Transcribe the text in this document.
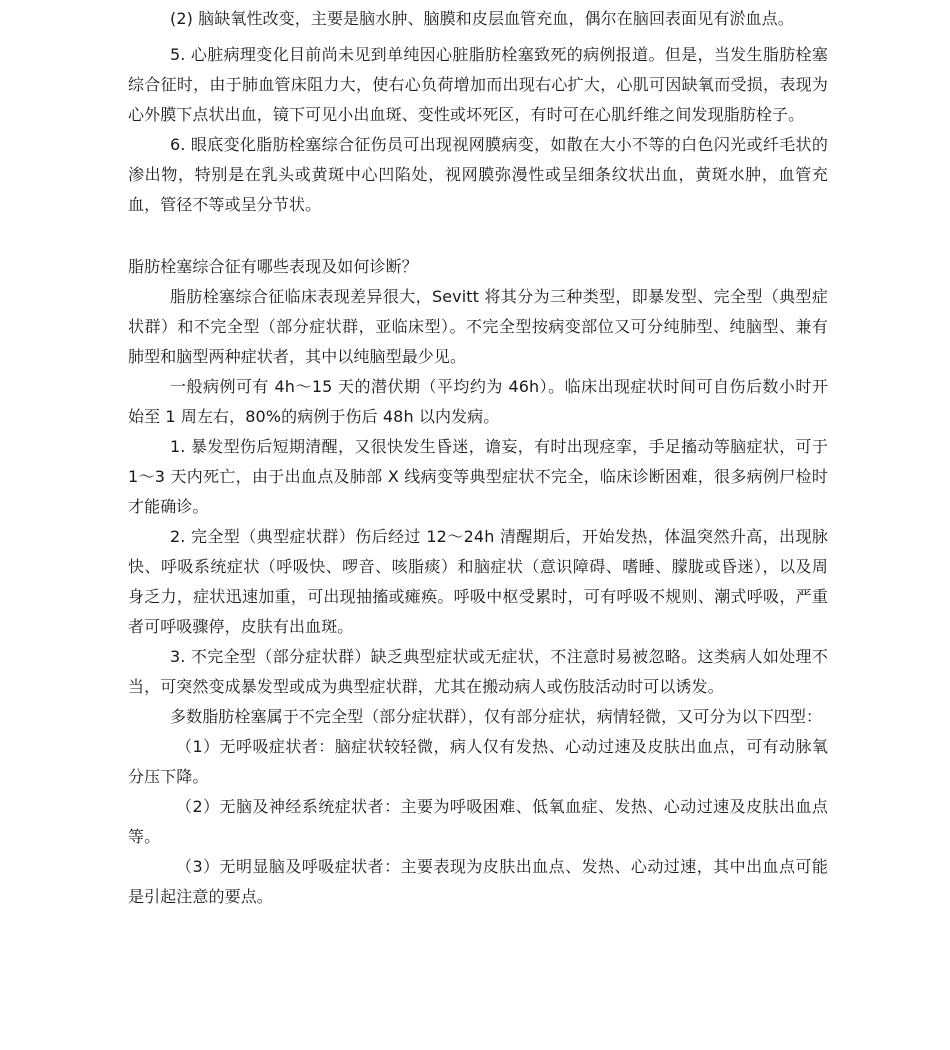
(2) 脑缺氧性改变，主要是脑水肿、脑膜和皮层血管充血，偶尔在脑回表面见有淤血点。

5. 心脏病理变化目前尚未见到单纯因心脏脂肪栓塞致死的病例报道。但是，当发生脂肪栓塞综合征时，由于肺血管床阻力大，使右心负荷增加而出现右心扩大，心肌可因缺氧而受损，表现为心外膜下点状出血，镜下可见小出血斑、变性或坏死区，有时可在心肌纤维之间发现脂肪栓子。

6. 眼底变化脂肪栓塞综合征伤员可出现视网膜病变，如散在大小不等的白色闪光或纤毛状的渗出物，特别是在乳头或黄斑中心凹陷处，视网膜弥漫性或呈细条纹状出血，黄斑水肿，血管充血，管径不等或呈分节状。

脂肪栓塞综合征有哪些表现及如何诊断？

脂肪栓塞综合征临床表现差异很大，Sevitt 将其分为三种类型，即暴发型、完全型（典型症状群）和不完全型（部分症状群，亚临床型）。不完全型按病变部位又可分纯肺型、纯脑型、兼有肺型和脑型两种症状者，其中以纯脑型最少见。

一般病例可有 4h～15 天的潜伏期（平均约为 46h）。临床出现症状时间可自伤后数小时开始至 1 周左右，80%的病例于伤后 48h 以内发病。

1. 暴发型伤后短期清醒，又很快发生昏迷，谵妄，有时出现痉挛，手足搐动等脑症状，可于 1～3 天内死亡，由于出血点及肺部 X 线病变等典型症状不完全，临床诊断困难，很多病例尸检时才能确诊。

2. 完全型（典型症状群）伤后经过 12～24h 清醒期后，开始发热，体温突然升高，出现脉快、呼吸系统症状（呼吸快、啰音、咳脂痰）和脑症状（意识障碍、嗜睡、朦胧或昏迷），以及周身乏力，症状迅速加重，可出现抽搐或瘫痪。呼吸中枢受累时，可有呼吸不规则、潮式呼吸，严重者可呼吸骤停，皮肤有出血斑。

3. 不完全型（部分症状群）缺乏典型症状或无症状，不注意时易被忽略。这类病人如处理不当，可突然变成暴发型或成为典型症状群，尤其在搬动病人或伤肢活动时可以诱发。

多数脂肪栓塞属于不完全型（部分症状群），仅有部分症状，病情轻微，又可分为以下四型：

（1）无呼吸症状者：脑症状较轻微，病人仅有发热、心动过速及皮肤出血点，可有动脉氧分压下降。

（2）无脑及神经系统症状者：主要为呼吸困难、低氧血症、发热、心动过速及皮肤出血点等。

（3）无明显脑及呼吸症状者：主要表现为皮肤出血点、发热、心动过速，其中出血点可能是引起注意的要点。
